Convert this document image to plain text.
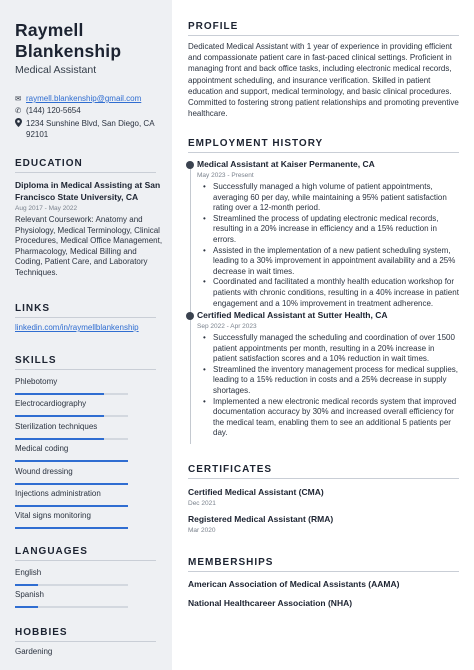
Raymell Blankenship
Medical Assistant
✉ raymell.blankenship@gmail.com
✆ (144) 120-5654
1234 Sunshine Blvd, San Diego, CA 92101
EDUCATION
Diploma in Medical Assisting at San Francisco State University, CA
Aug 2017 - May 2022
Relevant Coursework: Anatomy and Physiology, Medical Terminology, Clinical Procedures, Medical Office Management, Pharmacology, Medical Billing and Coding, Patient Care, and Laboratory Techniques.
LINKS
linkedin.com/in/raymellblankenship
SKILLS
Phlebotomy
Electrocardiography
Sterilization techniques
Medical coding
Wound dressing
Injections administration
Vital signs monitoring
LANGUAGES
English
Spanish
HOBBIES
Gardening
PROFILE
Dedicated Medical Assistant with 1 year of experience in providing efficient and compassionate patient care in fast-paced clinical settings. Proficient in managing front and back office tasks, including electronic medical records, appointment scheduling, and insurance verification. Skilled in patient education and support, medical terminology, and basic clinical procedures. Committed to fostering strong patient relationships and promoting preventive healthcare.
EMPLOYMENT HISTORY
Medical Assistant at Kaiser Permanente, CA
May 2023 - Present
• Successfully managed a high volume of patient appointments, averaging 60 per day, while maintaining a 95% patient satisfaction rating over a 12-month period.
• Streamlined the process of updating electronic medical records, resulting in a 20% increase in efficiency and a 15% reduction in errors.
• Assisted in the implementation of a new patient scheduling system, leading to a 30% improvement in appointment availability and a 25% decrease in wait times.
• Coordinated and facilitated a monthly health education workshop for patients with chronic conditions, resulting in a 40% increase in patient engagement and a 10% improvement in treatment adherence.
Certified Medical Assistant at Sutter Health, CA
Sep 2022 - Apr 2023
• Successfully managed the scheduling and coordination of over 1500 patient appointments per month, resulting in a 20% increase in patient satisfaction scores and a 10% reduction in wait times.
• Streamlined the inventory management process for medical supplies, leading to a 15% reduction in costs and a 25% decrease in supply shortages.
• Implemented a new electronic medical records system that improved documentation accuracy by 30% and increased overall efficiency for the medical team, enabling them to see an additional 5 patients per day.
CERTIFICATES
Certified Medical Assistant (CMA)
Dec 2021
Registered Medical Assistant (RMA)
Mar 2020
MEMBERSHIPS
American Association of Medical Assistants (AAMA)
National Healthcareer Association (NHA)
